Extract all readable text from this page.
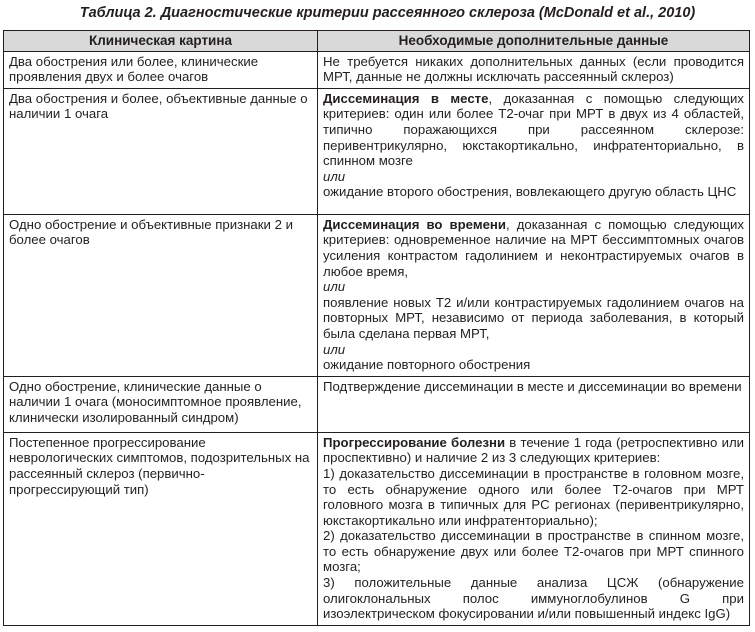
Таблица 2. Диагностические критерии рассеянного склероза (McDonald et al., 2010)
Клиническая картина	Необходимые дополнительные данные
Два обострения или более, клинические проявления двух и более очагов	Не требуется никаких дополнительных данных (если проводится МРТ, данные не должны исключать рассеянный склероз)
Два обострения и более, объективные данные о наличии 1 очага	Диссеминация в месте, доказанная с помощью следующих критериев: один или более T2-очаг при МРТ в двух из 4 областей, типично поражающихся при рассеянном склерозе: перивентрикулярно, юкстакортикально, инфратенториально, в спинном мозге
или
ожидание второго обострения, вовлекающего другую область ЦНС

Одно обострение и объективные признаки 2 и более очагов	Диссеминация во времени, доказанная с помощью следующих критериев: одновременное наличие на МРТ бессимптомных очагов усиления контрастом гадолинием и неконтрастируемых очагов в любое время,
или
появление новых T2 и/или контрастируемых гадолинием очагов на повторных МРТ, независимо от периода заболевания, в который была сделана первая МРТ,
или
ожидание повторного обострения

Одно обострение, клинические данные о наличии 1 очага (моносимптомное проявление, клинически изолированный синдром)	Подтверждение диссеминации в месте и диссеминации во времени
Постепенное прогрессирование неврологических симптомов, подозрительных на рассеянный склероз (первично-прогрессирующий тип)	Прогрессирование болезни в течение 1 года (ретроспективно или проспективно) и наличие 2 из 3 следующих критериев:
1) доказательство диссеминации в пространстве в головном мозге, то есть обнаружение одного или более T2-очагов при МРТ головного мозга в типичных для РС регионах (перивентрикулярно, юкстакортикально или инфратенториально);
2) доказательство диссеминации в пространстве в спинном мозге, то есть обнаружение двух или более T2-очагов при МРТ спинного мозга;
3) положительные данные анализа ЦСЖ (обнаружение олигоклональных полос иммуноглобулинов G при изоэлектрическом фокусировании и/или повышенный индекс IgG)
